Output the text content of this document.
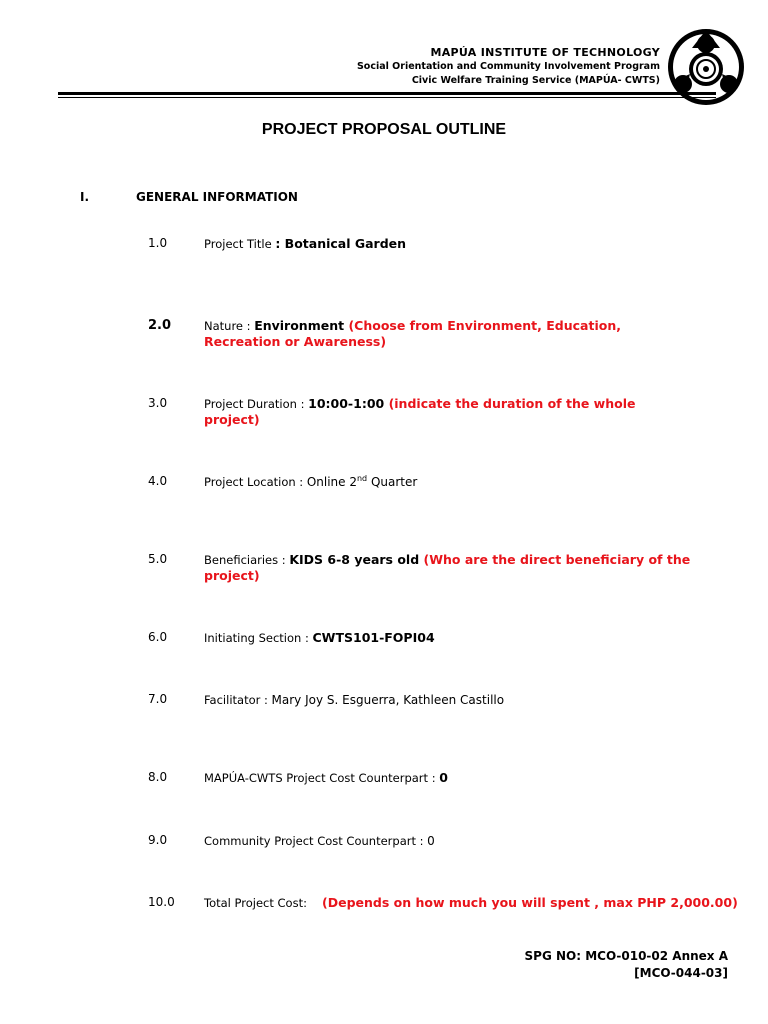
MAPÚA INSTITUTE OF TECHNOLOGY
Social Orientation and Community Involvement Program
Civic Welfare Training Service (MAPÚA- CWTS)
PROJECT PROPOSAL OUTLINE
I.	GENERAL INFORMATION
1.0	Project Title : Botanical Garden
2.0	Nature : Environment (Choose from Environment, Education, Recreation or Awareness)
3.0	Project Duration : 10:00-1:00 (indicate the duration of the whole project)
4.0	Project Location : Online 2nd Quarter
5.0	Beneficiaries : KIDS 6-8 years old (Who are the direct beneficiary of the project)
6.0	Initiating Section : CWTS101-FOPI04
7.0	Facilitator : Mary Joy S. Esguerra, Kathleen Castillo
8.0	MAPÚA-CWTS Project Cost Counterpart : 0
9.0	Community Project Cost Counterpart : 0
10.0	Total Project Cost:	(Depends on how much you will spent , max PHP 2,000.00)
SPG NO: MCO-010-02 Annex A
[MCO-044-03]
